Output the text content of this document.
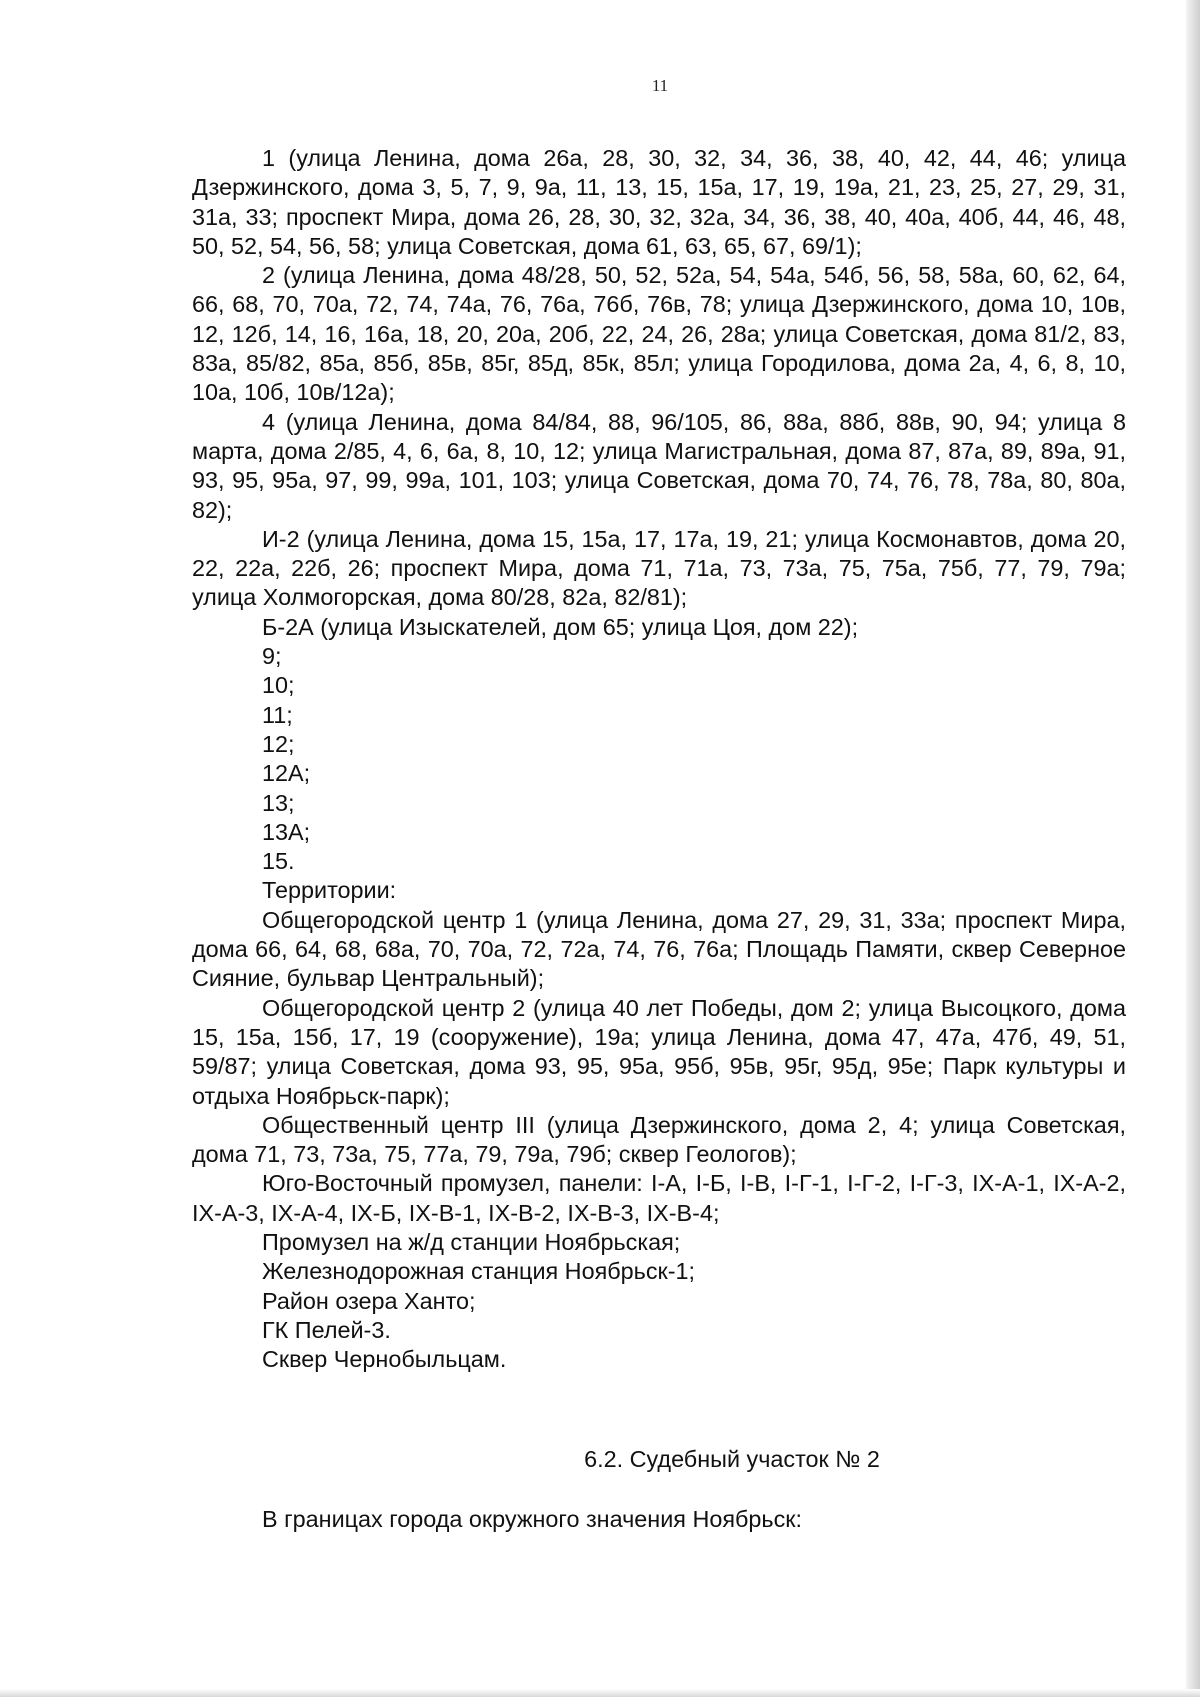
11

1 (улица Ленина, дома 26а, 28, 30, 32, 34, 36, 38, 40, 42, 44, 46; улица Дзержинского, дома 3, 5, 7, 9, 9а, 11, 13, 15, 15а, 17, 19, 19а, 21, 23, 25, 27, 29, 31, 31а, 33; проспект Мира, дома 26, 28, 30, 32, 32а, 34, 36, 38, 40, 40а, 40б, 44, 46, 48, 50, 52, 54, 56, 58; улица Советская, дома 61, 63, 65, 67, 69/1);

2 (улица Ленина, дома 48/28, 50, 52, 52а, 54, 54а, 54б, 56, 58, 58а, 60, 62, 64, 66, 68, 70, 70а, 72, 74, 74а, 76, 76а, 76б, 76в, 78; улица Дзержинского, дома 10, 10в, 12, 12б, 14, 16, 16а, 18, 20, 20а, 20б, 22, 24, 26, 28а; улица Советская, дома 81/2, 83, 83а, 85/82, 85а, 85б, 85в, 85г, 85д, 85к, 85л; улица Городилова, дома 2а, 4, 6, 8, 10, 10а, 10б, 10в/12а);

4 (улица Ленина, дома 84/84, 88, 96/105, 86, 88а, 88б, 88в, 90, 94; улица 8 марта, дома 2/85, 4, 6, 6а, 8, 10, 12; улица Магистральная, дома 87, 87а, 89, 89а, 91, 93, 95, 95а, 97, 99, 99а, 101, 103; улица Советская, дома 70, 74, 76, 78, 78а, 80, 80а, 82);

И-2 (улица Ленина, дома 15, 15а, 17, 17а, 19, 21; улица Космонавтов, дома 20, 22, 22а, 22б, 26; проспект Мира, дома 71, 71а, 73, 73а, 75, 75а, 75б, 77, 79, 79а; улица Холмогорская, дома 80/28, 82а, 82/81);

Б-2А (улица Изыскателей, дом 65; улица Цоя, дом 22);

9;

10;

11;

12;

12А;

13;

13А;

15.

Территории:

Общегородской центр 1 (улица Ленина, дома 27, 29, 31, 33а; проспект Мира, дома 66, 64, 68, 68а, 70, 70а, 72, 72а, 74, 76, 76а; Площадь Памяти, сквер Северное Сияние, бульвар Центральный);

Общегородской центр 2 (улица 40 лет Победы, дом 2; улица Высоцкого, дома 15, 15а, 15б, 17, 19 (сооружение), 19а; улица Ленина, дома 47, 47а, 47б, 49, 51, 59/87; улица Советская, дома 93, 95, 95а, 95б, 95в, 95г, 95д, 95е; Парк культуры и отдыха Ноябрьск-парк);

Общественный центр III (улица Дзержинского, дома 2, 4; улица Советская, дома 71, 73, 73а, 75, 77а, 79, 79а, 79б; сквер Геологов);

Юго-Восточный промузел, панели: I-А, I-Б, I-В, I-Г-1, I-Г-2, I-Г-3, IX-А-1, IX-А-2, IX-А-3, IX-А-4, IX-Б, IX-В-1, IX-В-2, IX-В-3, IX-В-4;

Промузел на ж/д станции Ноябрьская;

Железнодорожная станция Ноябрьск-1;

Район озера Ханто;

ГК Пелей-3.

Сквер Чернобыльцам.

6.2. Судебный участок № 2
В границах города окружного значения Ноябрьск:
